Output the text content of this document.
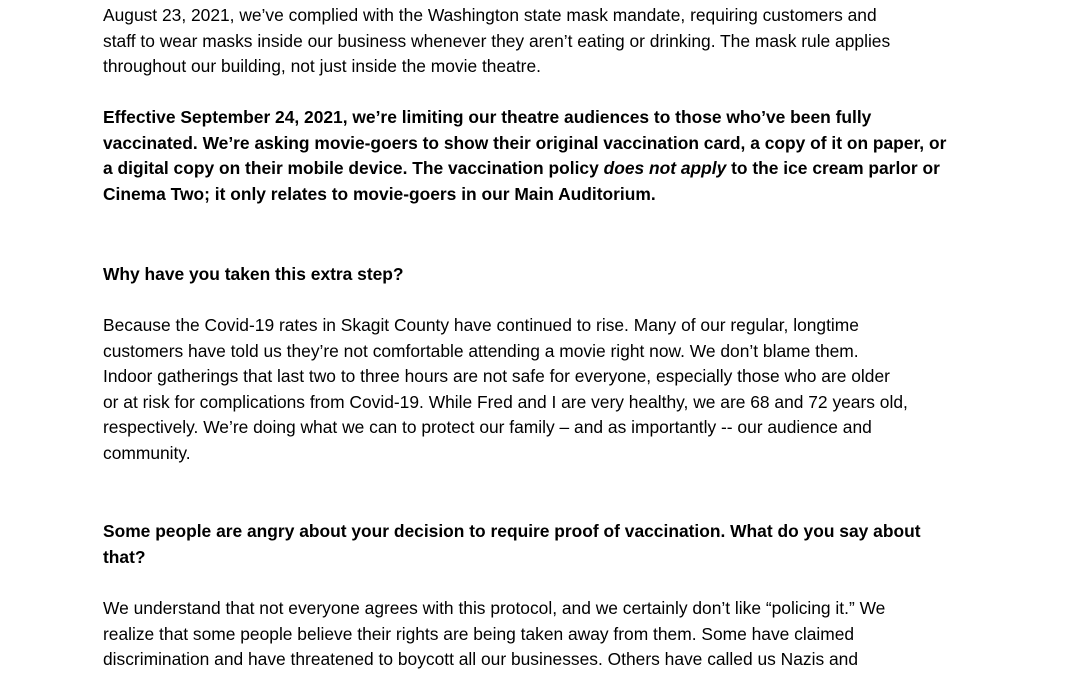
August 23, 2021, we’ve complied with the Washington state mask mandate, requiring customers and
staff to wear masks inside our business whenever they aren’t eating or drinking. The mask rule applies
throughout our building, not just inside the movie theatre.

Effective September 24, 2021, we’re limiting our theatre audiences to those who’ve been fully
vaccinated. We’re asking movie-goers to show their original vaccination card, a copy of it on paper, or
a digital copy on their mobile device. The vaccination policy does not apply to the ice cream parlor or
Cinema Two; it only relates to movie-goers in our Main Auditorium.

Why have you taken this extra step?

Because the Covid-19 rates in Skagit County have continued to rise. Many of our regular, longtime
customers have told us they’re not comfortable attending a movie right now. We don’t blame them.
Indoor gatherings that last two to three hours are not safe for everyone, especially those who are older
or at risk for complications from Covid-19. While Fred and I are very healthy, we are 68 and 72 years old,
respectively. We’re doing what we can to protect our family – and as importantly -- our audience and
community.

Some people are angry about your decision to require proof of vaccination. What do you say about
that?

We understand that not everyone agrees with this protocol, and we certainly don’t like “policing it.” We
realize that some people believe their rights are being taken away from them. Some have claimed
discrimination and have threatened to boycott all our businesses. Others have called us Nazis and
